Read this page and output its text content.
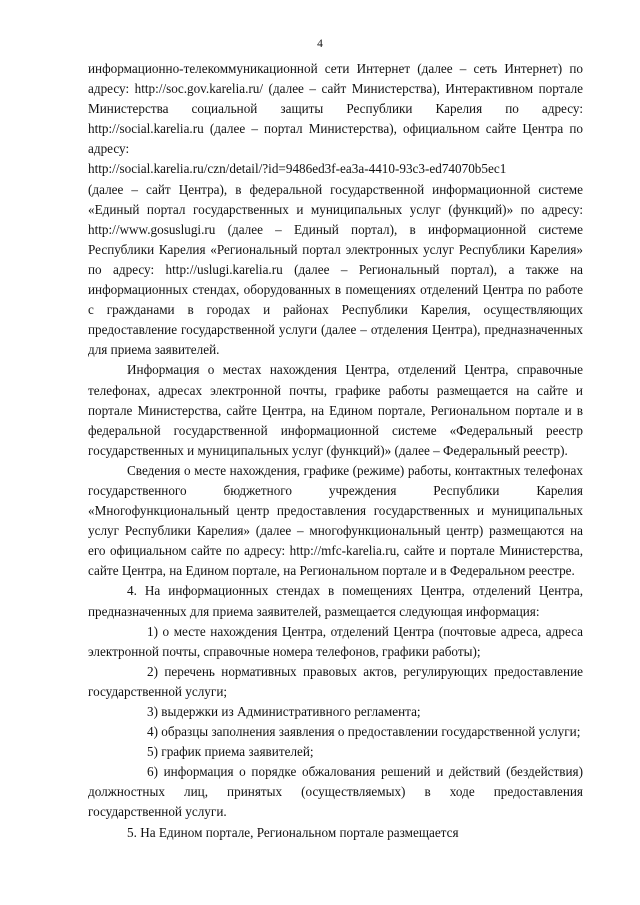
4

информационно-телекоммуникационной сети Интернет (далее – сеть Интернет) по адресу: http://soc.gov.karelia.ru/ (далее – сайт Министерства), Интерактивном портале Министерства социальной защиты Республики Карелия по адресу: http://social.karelia.ru (далее – портал Министерства), официальном сайте Центра по адресу:

http://social.karelia.ru/czn/detail/?id=9486ed3f-ea3a-4410-93c3-ed74070b5ec1

(далее – сайт Центра), в федеральной государственной информационной системе «Единый портал государственных и муниципальных услуг (функций)» по адресу: http://www.gosuslugi.ru (далее – Единый портал), в информационной системе Республики Карелия «Региональный портал электронных услуг Республики Карелия» по адресу: http://uslugi.karelia.ru (далее – Региональный портал), а также на информационных стендах, оборудованных в помещениях отделений Центра по работе с гражданами в городах и районах Республики Карелия, осуществляющих предоставление государственной услуги (далее – отделения Центра), предназначенных для приема заявителей.

Информация о местах нахождения Центра, отделений Центра, справочные телефонах, адресах электронной почты, графике работы размещается на сайте и портале Министерства, сайте Центра, на Едином портале, Региональном портале и в федеральной государственной информационной системе «Федеральный реестр государственных и муниципальных услуг (функций)» (далее – Федеральный реестр).

Сведения о месте нахождения, графике (режиме) работы, контактных телефонах государственного бюджетного учреждения Республики Карелия «Многофункциональный центр предоставления государственных и муниципальных услуг Республики Карелия» (далее – многофункциональный центр) размещаются на его официальном сайте по адресу: http://mfc-karelia.ru, сайте и портале Министерства, сайте Центра, на Едином портале, на Региональном портале и в Федеральном реестре.

4. На информационных стендах в помещениях Центра, отделений Центра, предназначенных для приема заявителей, размещается следующая информация:

1) о месте нахождения Центра, отделений Центра (почтовые адреса, адреса электронной почты, справочные номера телефонов, графики работы);

2) перечень нормативных правовых актов, регулирующих предоставление государственной услуги;

3) выдержки из Административного регламента;

4) образцы заполнения заявления о предоставлении государственной услуги;

5) график приема заявителей;

6) информация о порядке обжалования решений и действий (бездействия) должностных лиц, принятых (осуществляемых) в ходе предоставления государственной услуги.

5. На Едином портале, Региональном портале размещается
